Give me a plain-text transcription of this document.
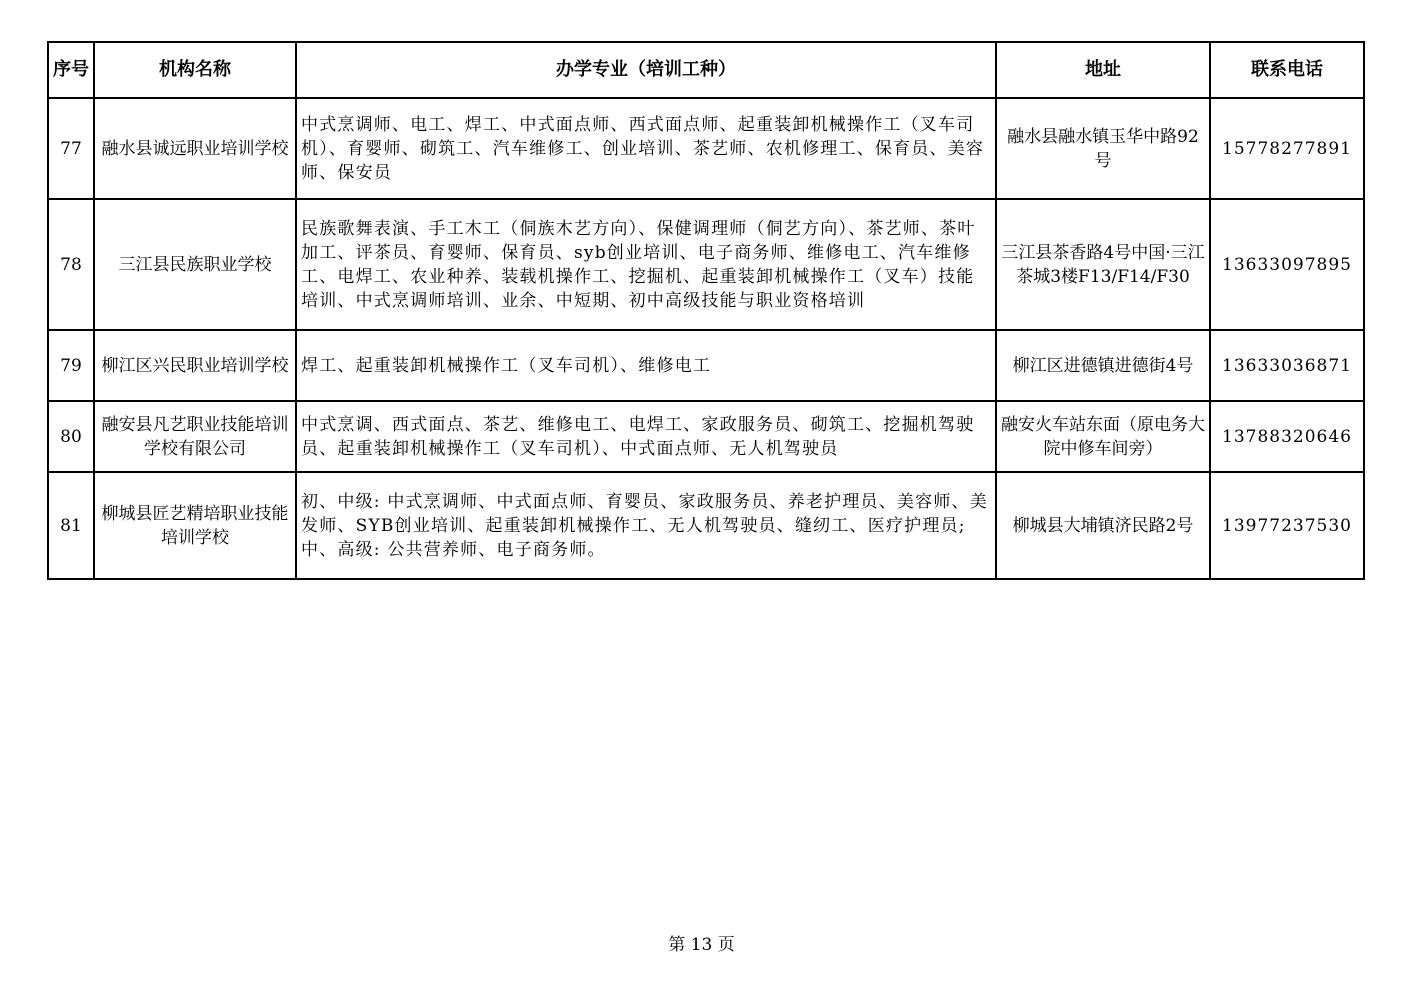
序号	机构名称	办学专业（培训工种）	地址	联系电话
77	融水县诚远职业培训学校	中式烹调师、电工、焊工、中式面点师、西式面点师、起重装卸机械操作工（叉车司机）、育婴师、砌筑工、汽车维修工、创业培训、茶艺师、农机修理工、保育员、美容师、保安员	融水县融水镇玉华中路92号	15778277891
78	三江县民族职业学校	民族歌舞表演、手工木工（侗族木艺方向）、保健调理师（侗艺方向）、茶艺师、茶叶加工、评茶员、育婴师、保育员、syb创业培训、电子商务师、维修电工、汽车维修工、电焊工、农业种养、装载机操作工、挖掘机、起重装卸机械操作工（叉车）技能培训、中式烹调师培训、业余、中短期、初中高级技能与职业资格培训	三江县茶香路4号中国·三江茶城3楼F13/F14/F30	13633097895
79	柳江区兴民职业培训学校	焊工、起重装卸机械操作工（叉车司机）、维修电工	柳江区进德镇进德街4号	13633036871
80	融安县凡艺职业技能培训学校有限公司	中式烹调、西式面点、茶艺、维修电工、电焊工、家政服务员、砌筑工、挖掘机驾驶员、起重装卸机械操作工（叉车司机）、中式面点师、无人机驾驶员	融安火车站东面（原电务大院中修车间旁）	13788320646
81	柳城县匠艺精培职业技能培训学校	初、中级: 中式烹调师、中式面点师、育婴员、家政服务员、养老护理员、美容师、美发师、SYB创业培训、起重装卸机械操作工、无人机驾驶员、缝纫工、医疗护理员; 中、高级: 公共营养师、电子商务师。	柳城县大埔镇济民路2号	13977237530
第 13 页
